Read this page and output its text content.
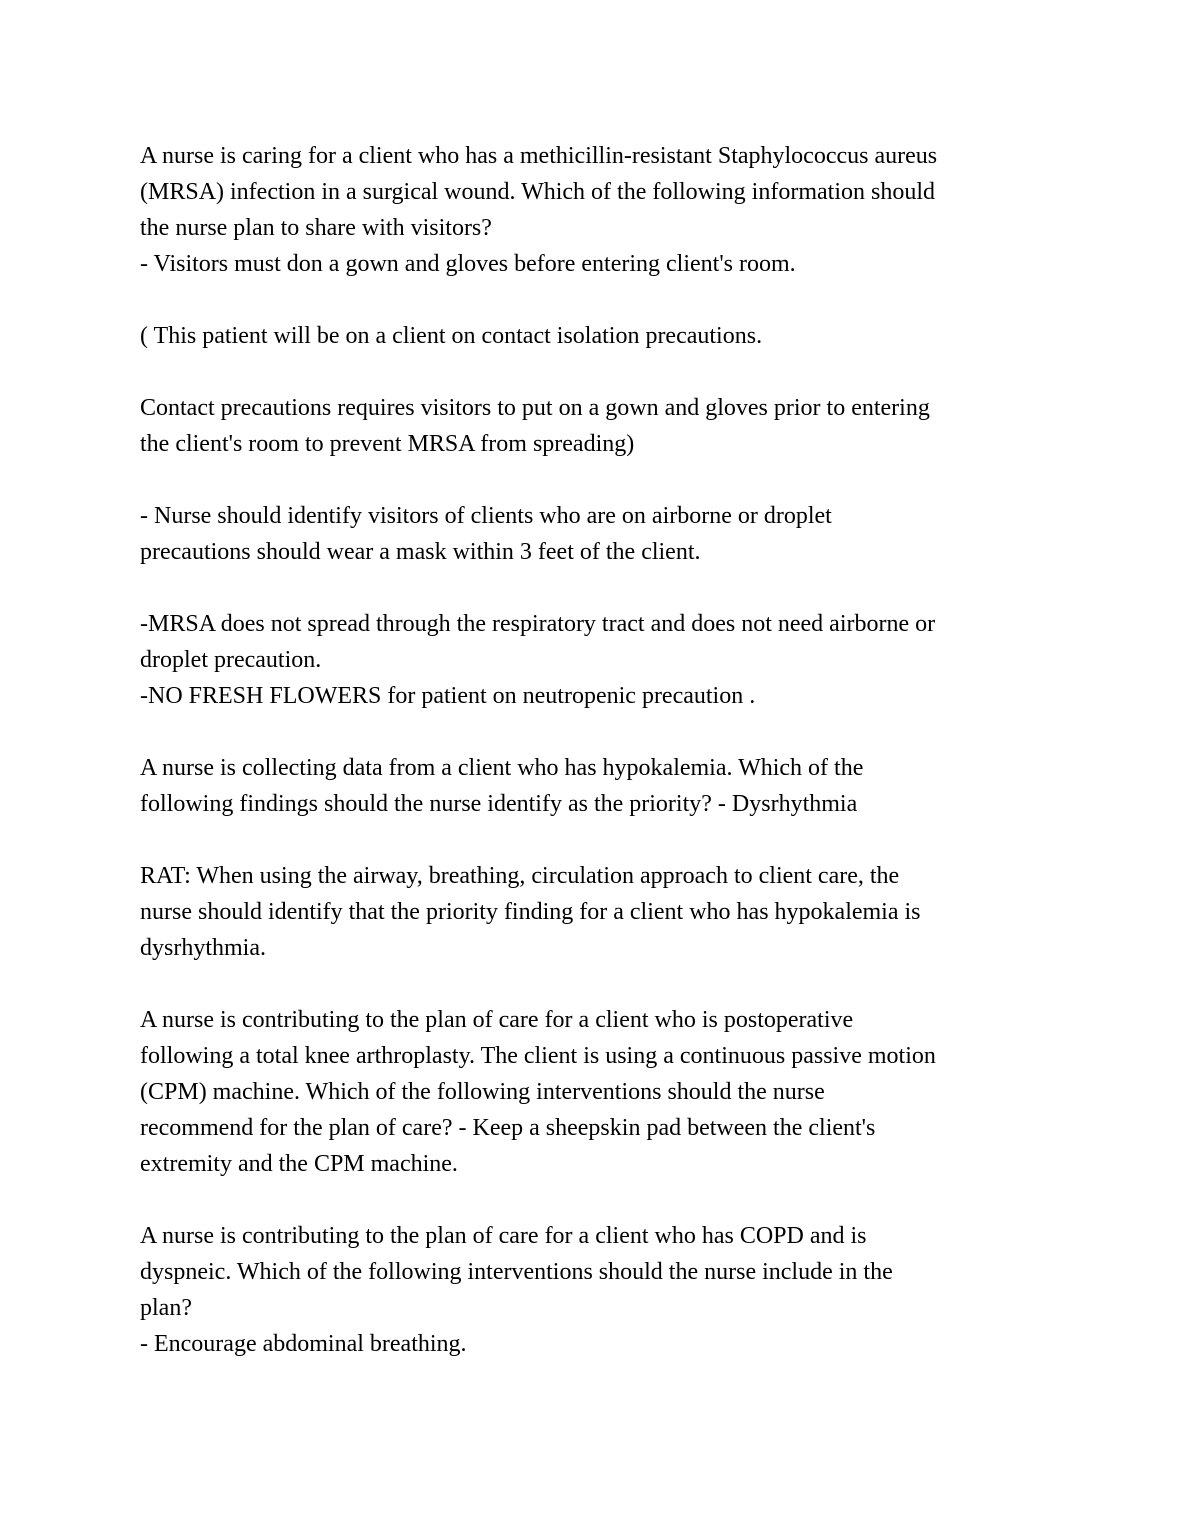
A nurse is caring for a client who has a methicillin-resistant Staphylococcus aureus
(MRSA) infection in a surgical wound. Which of the following information should
the nurse plan to share with visitors?
- Visitors must don a gown and gloves before entering client's room.
( This patient will be on a client on contact isolation precautions.
Contact precautions requires visitors to put on a gown and gloves prior to entering
the client's room to prevent MRSA from spreading)
- Nurse should identify visitors of clients who are on airborne or droplet
precautions should wear a mask within 3 feet of the client.
-MRSA does not spread through the respiratory tract and does not need airborne or
droplet precaution.
-NO FRESH FLOWERS for patient on neutropenic precaution .
A nurse is collecting data from a client who has hypokalemia. Which of the
following findings should the nurse identify as the priority? - Dysrhythmia
RAT: When using the airway, breathing, circulation approach to client care, the
nurse should identify that the priority finding for a client who has hypokalemia is
dysrhythmia.
A nurse is contributing to the plan of care for a client who is postoperative
following a total knee arthroplasty. The client is using a continuous passive motion
(CPM) machine. Which of the following interventions should the nurse
recommend for the plan of care? - Keep a sheepskin pad between the client's
extremity and the CPM machine.
A nurse is contributing to the plan of care for a client who has COPD and is
dyspneic. Which of the following interventions should the nurse include in the
plan?
- Encourage abdominal breathing.
